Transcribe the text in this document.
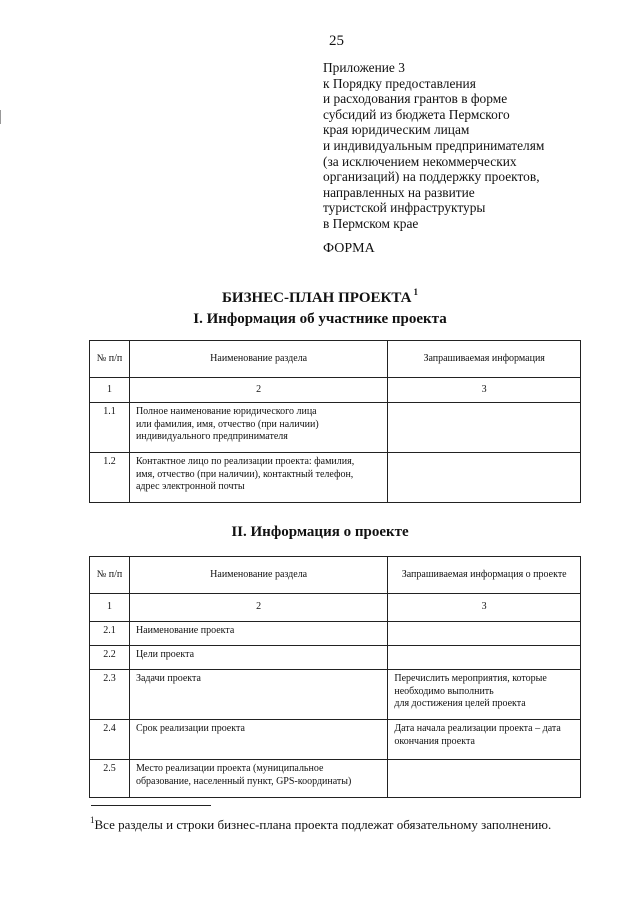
25
Приложение 3
к Порядку предоставления
и расходования грантов в форме
субсидий из бюджета Пермского
края юридическим лицам
и индивидуальным предпринимателям
(за исключением некоммерческих
организаций) на поддержку проектов,
направленных на развитие
туристской инфраструктуры
в Пермском крае
ФОРМА
БИЗНЕС-ПЛАН ПРОЕКТА $^1$
I. Информация об участнике проекта
№ п/п	Наименование раздела	Запрашиваемая информация
1	2	3
1.1	Полное наименование юридического лица
или фамилия, имя, отчество (при наличии)
индивидуального предпринимателя	

1.2	Контактное лицо по реализации проекта: фамилия,
имя, отчество (при наличии), контактный телефон,
адрес электронной почты	

II. Информация о проекте
№ п/п	Наименование раздела	Запрашиваемая информация о проекте
1	2	3
2.1	Наименование проекта	
2.2	Цели проекта	
2.3	Задачи проекта	Перечислить мероприятия, которые
необходимо выполнить
для достижения целей проекта

2.4	Срок реализации проекта	Дата начала реализации проекта – дата
окончания проекта

2.5	Место реализации проекта (муниципальное
образование, населенный пункт, GPS-координаты)	

$^1$Все разделы и строки бизнес-плана проекта подлежат обязательному заполнению.
